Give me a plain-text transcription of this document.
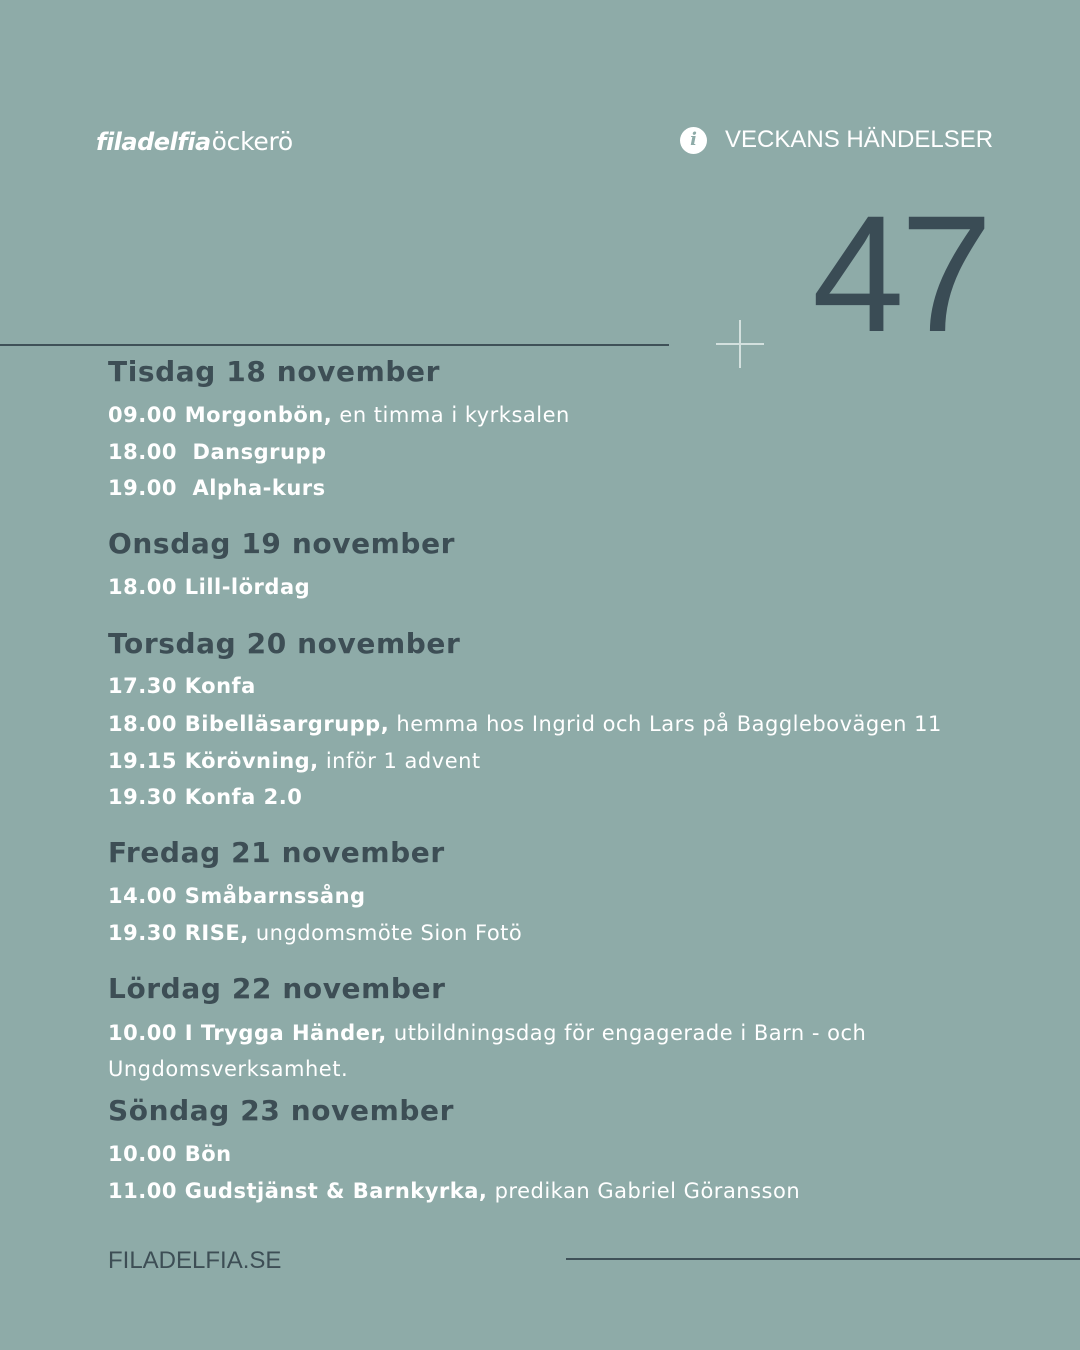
filadelfia öckerö	i	VECKANS HÄNDELSER
47
Tisdag 18 november
09.00 Morgonbön, en timma i kyrksalen
18.00  Dansgrupp
19.00  Alpha-kurs
Onsdag 19 november
18.00 Lill-lördag
Torsdag 20 november
17.30 Konfa
18.00 Bibelläsargrupp, hemma hos Ingrid och Lars på Bagglebovägen 11
19.15 Körövning, inför 1 advent
19.30 Konfa 2.0
Fredag 21 november
14.00 Småbarnssång
19.30 RISE, ungdomsmöte Sion Fotö
Lördag 22 november
10.00 I Trygga Händer, utbildningsdag för engagerade i Barn - och
Ungdomsverksamhet.
Söndag 23 november
10.00 Bön
11.00 Gudstjänst & Barnkyrka, predikan Gabriel Göransson
FILADELFIA.SE
